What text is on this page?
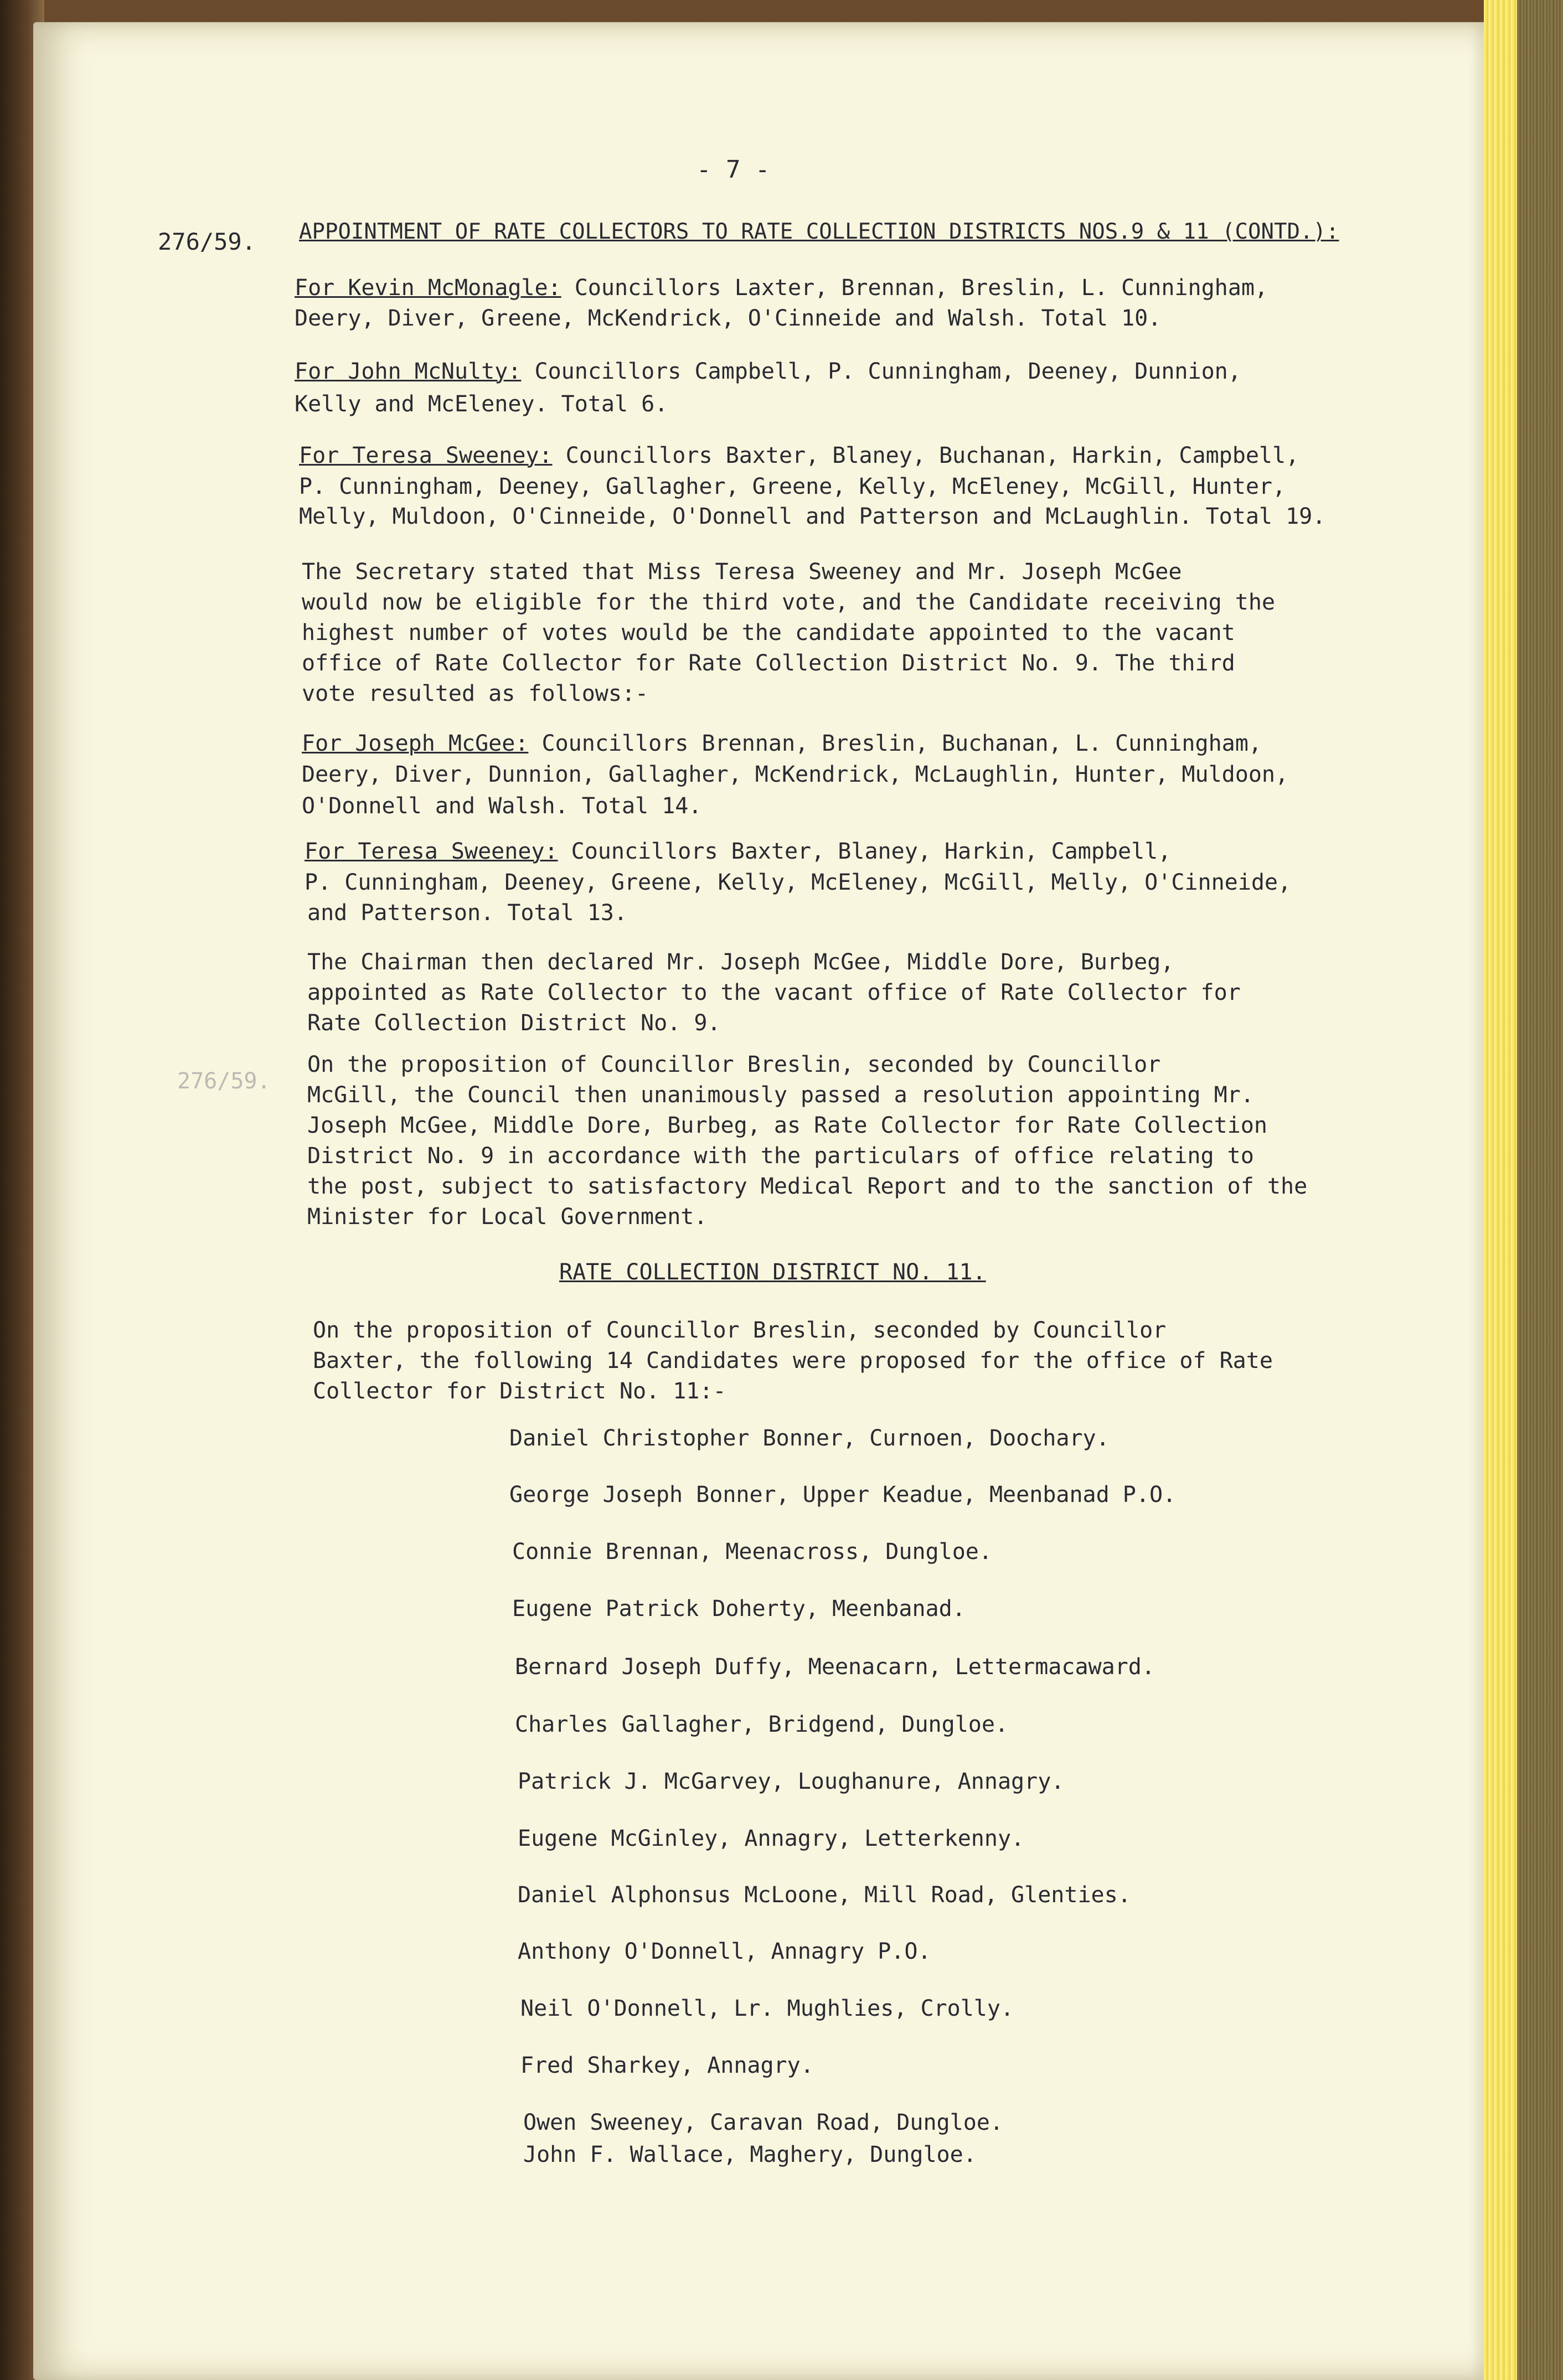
- 7 -
276/59. APPOINTMENT OF RATE COLLECTORS TO RATE COLLECTION DISTRICTS NOS.9 & 11 (CONTD.):
For Kevin McMonagle: Councillors Laxter, Brennan, Breslin, L. Cunningham,
Deery, Diver, Greene, McKendrick, O'Cinneide and Walsh. Total 10.
For John McNulty: Councillors Campbell, P. Cunningham, Deeney, Dunnion,
Kelly and McEleney. Total 6.
For Teresa Sweeney: Councillors Baxter, Blaney, Buchanan, Harkin, Campbell,
P. Cunningham, Deeney, Gallagher, Greene, Kelly, McEleney, McGill, Hunter,
Melly, Muldoon, O'Cinneide, O'Donnell and Patterson and McLaughlin. Total 19.
The Secretary stated that Miss Teresa Sweeney and Mr. Joseph McGee
would now be eligible for the third vote, and the Candidate receiving the
highest number of votes would be the candidate appointed to the vacant
office of Rate Collector for Rate Collection District No. 9. The third
vote resulted as follows:-
For Joseph McGee: Councillors Brennan, Breslin, Buchanan, L. Cunningham,
Deery, Diver, Dunnion, Gallagher, McKendrick, McLaughlin, Hunter, Muldoon,
O'Donnell and Walsh. Total 14.
For Teresa Sweeney: Councillors Baxter, Blaney, Harkin, Campbell,
P. Cunningham, Deeney, Greene, Kelly, McEleney, McGill, Melly, O'Cinneide,
and Patterson. Total 13.
The Chairman then declared Mr. Joseph McGee, Middle Dore, Burbeg,
appointed as Rate Collector to the vacant office of Rate Collector for
Rate Collection District No. 9.
276/59.
On the proposition of Councillor Breslin, seconded by Councillor
McGill, the Council then unanimously passed a resolution appointing Mr.
Joseph McGee, Middle Dore, Burbeg, as Rate Collector for Rate Collection
District No. 9 in accordance with the particulars of office relating to
the post, subject to satisfactory Medical Report and to the sanction of the
Minister for Local Government.
RATE COLLECTION DISTRICT NO. 11.
On the proposition of Councillor Breslin, seconded by Councillor
Baxter, the following 14 Candidates were proposed for the office of Rate
Collector for District No. 11:-
Daniel Christopher Bonner, Curnoen, Doochary.
George Joseph Bonner, Upper Keadue, Meenbanad P.O.
Connie Brennan, Meenacross, Dungloe.
Eugene Patrick Doherty, Meenbanad.
Bernard Joseph Duffy, Meenacarn, Lettermacaward.
Charles Gallagher, Bridgend, Dungloe.
Patrick J. McGarvey, Loughanure, Annagry.
Eugene McGinley, Annagry, Letterkenny.
Daniel Alphonsus McLoone, Mill Road, Glenties.
Anthony O'Donnell, Annagry P.O.
Neil O'Donnell, Lr. Mughlies, Crolly.
Fred Sharkey, Annagry.
Owen Sweeney, Caravan Road, Dungloe.
John F. Wallace, Maghery, Dungloe.
